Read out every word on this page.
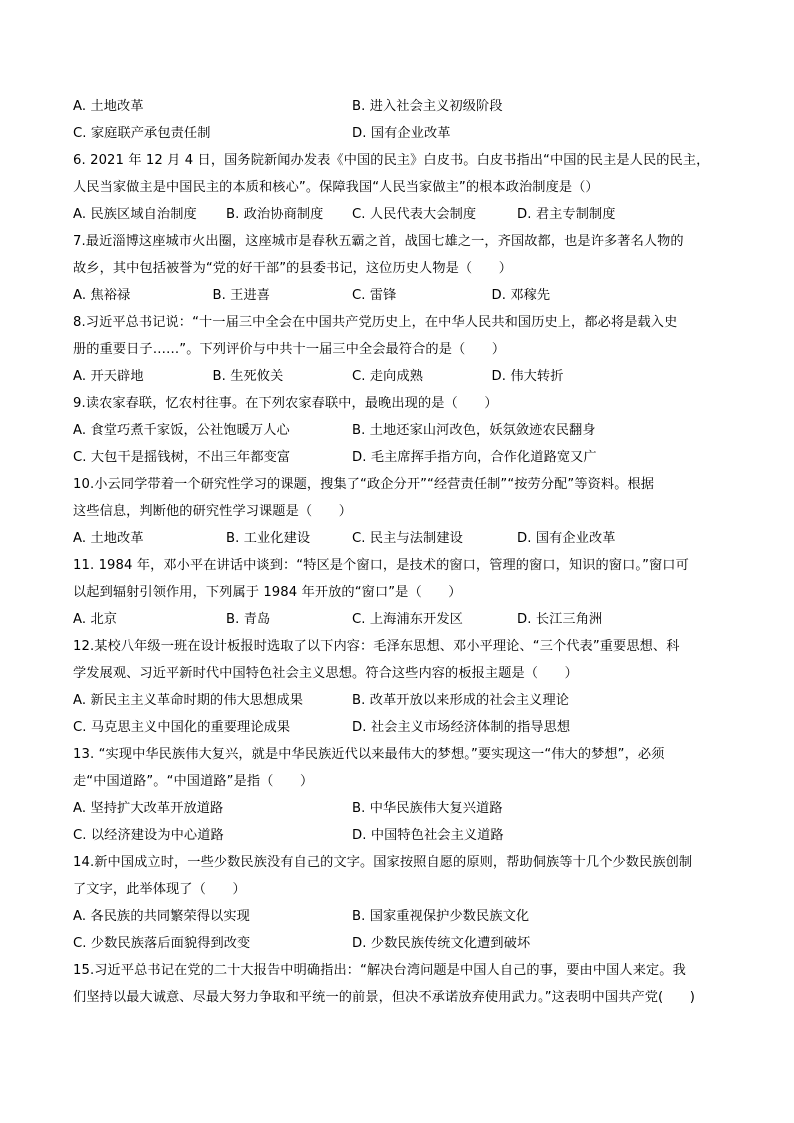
A. 土地改革	B. 进入社会主义初级阶段
C. 家庭联产承包责任制	D. 国有企业改革
6. 2021 年 12 月 4 日，国务院新闻办发表《中国的民主》白皮书。白皮书指出“中国的民主是人民的民主，
人民当家做主是中国民主的本质和核心”。保障我国“人民当家做主”的根本政治制度是（）
A. 民族区域自治制度	B. 政治协商制度	C. 人民代表大会制度	D. 君主专制制度
7.最近淄博这座城市火出圈，这座城市是春秋五霸之首，战国七雄之一，齐国故都，也是许多著名人物的
故乡，其中包括被誉为“党的好干部”的县委书记，这位历史人物是（　　）
A. 焦裕禄	B. 王进喜	C. 雷锋	D. 邓稼先
8.习近平总书记说：“十一届三中全会在中国共产党历史上，在中华人民共和国历史上，都必将是载入史
册的重要日子……”。下列评价与中共十一届三中全会最符合的是（　　）
A. 开天辟地	B. 生死攸关	C. 走向成熟	D. 伟大转折
9.读农家春联，忆农村往事。在下列农家春联中，最晚出现的是（　　）
A. 食堂巧煮千家饭，公社饱暖万人心	B. 土地还家山河改色，妖氛敛迹农民翻身
C. 大包干是摇钱树，不出三年都变富	D. 毛主席挥手指方向，合作化道路宽又广
10.小云同学带着一个研究性学习的课题，搜集了“政企分开”“经营责任制”“按劳分配”等资料。根据
这些信息，判断他的研究性学习课题是（　　）
A. 土地改革	B. 工业化建设	C. 民主与法制建设	D. 国有企业改革
11. 1984 年，邓小平在讲话中谈到：“特区是个窗口，是技术的窗口，管理的窗口，知识的窗口。”窗口可
以起到辐射引领作用，下列属于 1984 年开放的“窗口”是（　　）
A. 北京	B. 青岛	C. 上海浦东开发区	D. 长江三角洲
12.某校八年级一班在设计板报时选取了以下内容：毛泽东思想、邓小平理论、“三个代表”重要思想、科
学发展观、习近平新时代中国特色社会主义思想。符合这些内容的板报主题是（　　）
A. 新民主主义革命时期的伟大思想成果	B. 改革开放以来形成的社会主义理论
C. 马克思主义中国化的重要理论成果	D. 社会主义市场经济体制的指导思想
13. “实现中华民族伟大复兴，就是中华民族近代以来最伟大的梦想。”要实现这一“伟大的梦想”，必须
走“中国道路”。“中国道路”是指（　　）
A. 坚持扩大改革开放道路	B. 中华民族伟大复兴道路
C. 以经济建设为中心道路	D. 中国特色社会主义道路
14.新中国成立时，一些少数民族没有自己的文字。国家按照自愿的原则，帮助侗族等十几个少数民族创制
了文字，此举体现了（　　）
A. 各民族的共同繁荣得以实现	B. 国家重视保护少数民族文化
C. 少数民族落后面貌得到改变	D. 少数民族传统文化遭到破坏
15.习近平总书记在党的二十大报告中明确指出：“解决台湾问题是中国人自己的事，要由中国人来定。我
们坚持以最大诚意、尽最大努力争取和平统一的前景，但决不承诺放弃使用武力。”这表明中国共产党(　　)
